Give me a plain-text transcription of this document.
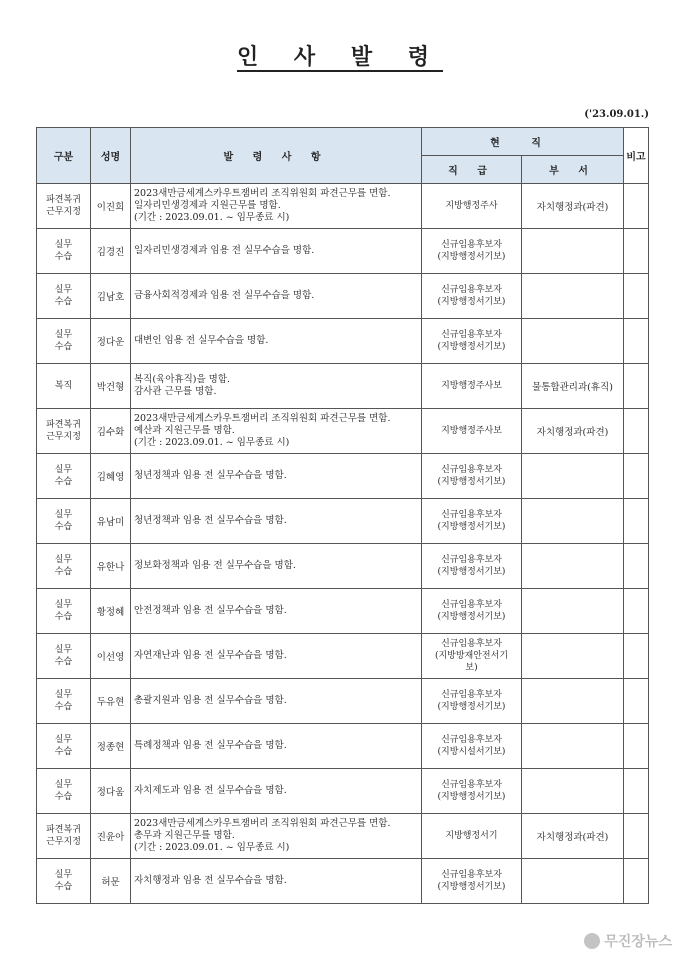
인 사 발 령
('23.09.01.)
구분	성명	발 령 사 항	현 직		비고
			직 급	부 서	
파견복귀
근무지정	이진희	2023새만금세계스카우트잼버리 조직위원회 파견근무를 면함.
일자리민생경제과 지원근무를 명함.
(기간 : 2023.09.01. ~ 임무종료 시)	지방행정주사	자치행정과(파견)	
실무
수습	김경진	일자리민생경제과 임용 전 실무수습을 명함.	신규임용후보자
(지방행정서기보)		
실무
수습	김남호	금융사회적경제과 임용 전 실무수습을 명함.	신규임용후보자
(지방행정서기보)		
실무
수습	정다운	대변인 임용 전 실무수습을 명함.	신규임용후보자
(지방행정서기보)		
복직	박건형	복직(육아휴직)을 명함.
감사관 근무를 명함.	지방행정주사보	물통합관리과(휴직)	
파견복귀
근무지정	김수화	2023새만금세계스카우트잼버리 조직위원회 파견근무를 면함.
예산과 지원근무를 명함.
(기간 : 2023.09.01. ~ 임무종료 시)	지방행정주사보	자치행정과(파견)	
실무
수습	김혜영	청년정책과 임용 전 실무수습을 명함.	신규임용후보자
(지방행정서기보)		
실무
수습	유남미	청년정책과 임용 전 실무수습을 명함.	신규임용후보자
(지방행정서기보)		
실무
수습	유한나	정보화정책과 임용 전 실무수습을 명함.	신규임용후보자
(지방행정서기보)		
실무
수습	황정혜	안전정책과 임용 전 실무수습을 명함.	신규임용후보자
(지방행정서기보)		
실무
수습	이선영	자연재난과 임용 전 실무수습을 명함.	신규임용후보자
(지방방재안전서기
보)		
실무
수습	두유현	총괄지원과 임용 전 실무수습을 명함.	신규임용후보자
(지방행정서기보)		
실무
수습	정종현	특례정책과 임용 전 실무수습을 명함.	신규임용후보자
(지방시설서기보)		
실무
수습	정다움	자치제도과 임용 전 실무수습을 명함.	신규임용후보자
(지방행정서기보)		
파견복귀
근무지정	진윤아	2023새만금세계스카우트잼버리 조직위원회 파견근무를 면함.
총무과 지원근무를 명함.
(기간 : 2023.09.01. ~ 임무종료 시)	지방행정서기	자치행정과(파견)	
실무
수습	허문	자치행정과 임용 전 실무수습을 명함.	신규임용후보자
(지방행정서기보)		
무진장뉴스
